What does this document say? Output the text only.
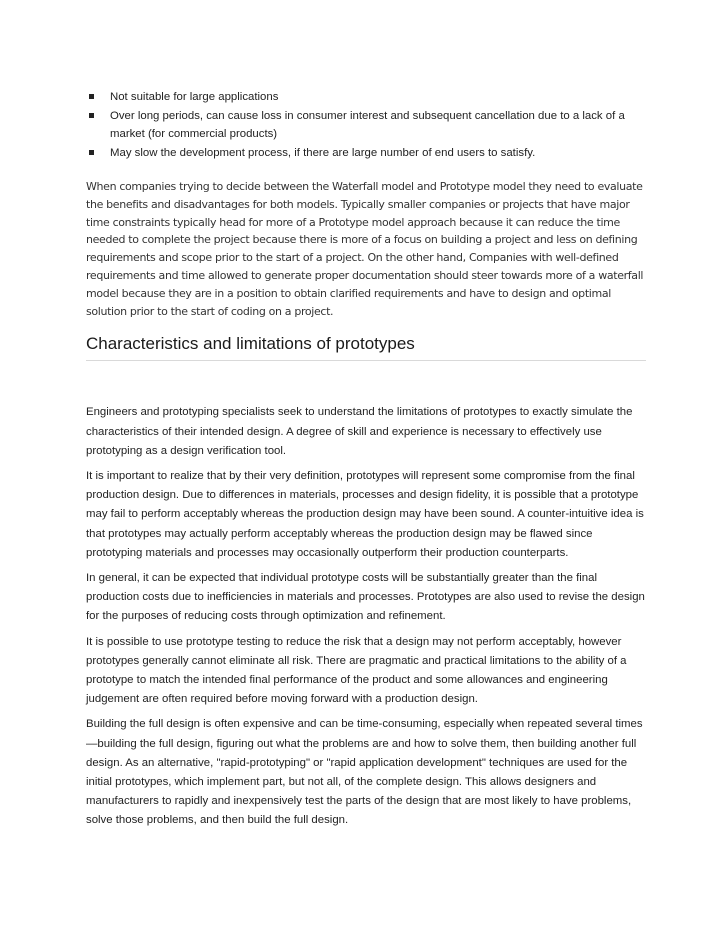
Not suitable for large applications
Over long periods, can cause loss in consumer interest and subsequent cancellation due to a lack of a market (for commercial products)
May slow the development process, if there are large number of end users to satisfy.

When companies trying to decide between the Waterfall model and Prototype model they need to evaluate the benefits and disadvantages for both models. Typically smaller companies or projects that have major time constraints typically head for more of a Prototype model approach because it can reduce the time needed to complete the project because there is more of a focus on building a project and less on defining requirements and scope prior to the start of a project. On the other hand, Companies with well-defined requirements and time allowed to generate proper documentation should steer towards more of a waterfall model because they are in a position to obtain clarified requirements and have to design and optimal solution prior to the start of coding on a project.

Characteristics and limitations of prototypes

Engineers and prototyping specialists seek to understand the limitations of prototypes to exactly simulate the characteristics of their intended design. A degree of skill and experience is necessary to effectively use prototyping as a design verification tool.

It is important to realize that by their very definition, prototypes will represent some compromise from the final production design. Due to differences in materials, processes and design fidelity, it is possible that a prototype may fail to perform acceptably whereas the production design may have been sound. A counter-intuitive idea is that prototypes may actually perform acceptably whereas the production design may be flawed since prototyping materials and processes may occasionally outperform their production counterparts.

In general, it can be expected that individual prototype costs will be substantially greater than the final production costs due to inefficiencies in materials and processes. Prototypes are also used to revise the design for the purposes of reducing costs through optimization and refinement.

It is possible to use prototype testing to reduce the risk that a design may not perform acceptably, however prototypes generally cannot eliminate all risk. There are pragmatic and practical limitations to the ability of a prototype to match the intended final performance of the product and some allowances and engineering judgement are often required before moving forward with a production design.

Building the full design is often expensive and can be time-consuming, especially when repeated several times—building the full design, figuring out what the problems are and how to solve them, then building another full design. As an alternative, "rapid-prototyping" or "rapid application development" techniques are used for the initial prototypes, which implement part, but not all, of the complete design. This allows designers and manufacturers to rapidly and inexpensively test the parts of the design that are most likely to have problems, solve those problems, and then build the full design.
